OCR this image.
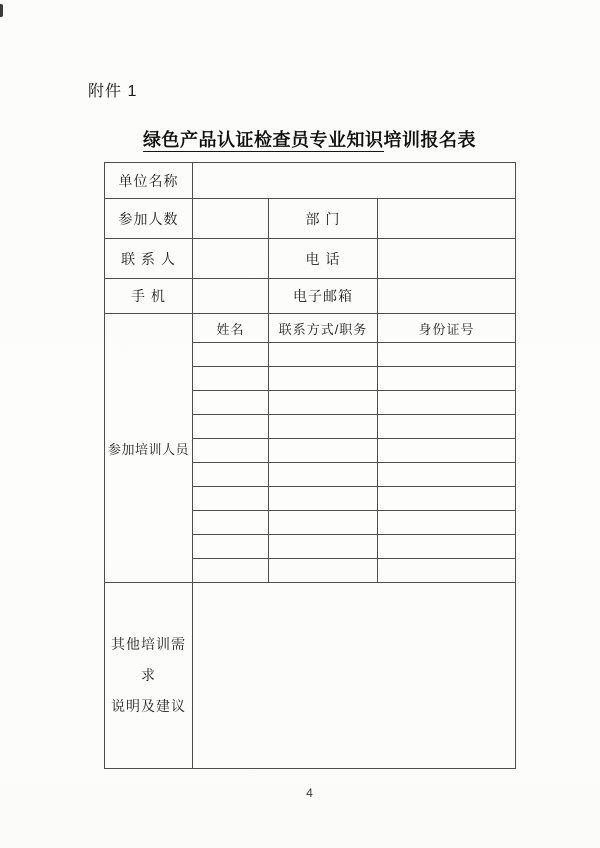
附件 1
绿色产品认证检查员专业知识培训报名表
单位名称			
参加人数		部 门	
联 系 人		电 话	
手 机		电子邮箱	
参加培训人员	姓名	联系方式/职务	身份证号

其他培训需求
说明及建议			
4
